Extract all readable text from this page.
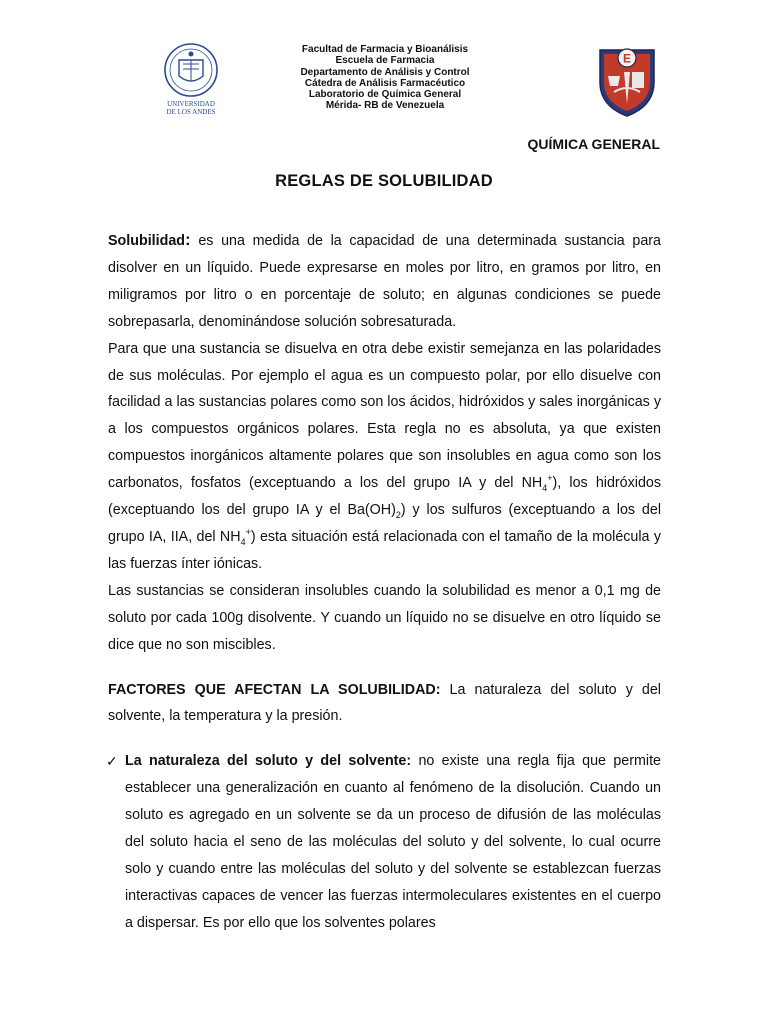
UNIVERSIDAD
DE LOS ANDES
Facultad de Farmacia y Bioanálisis
Escuela de Farmacia
Departamento de Análisis y Control
Cátedra de Análisis Farmacéutico
Laboratorio de Química General
Mérida- RB de Venezuela
E
QUÍMICA GENERAL
REGLAS DE SOLUBILIDAD

Solubilidad: es una medida de la capacidad de una determinada sustancia para disolver en un líquido. Puede expresarse en moles por litro, en gramos por litro, en miligramos por litro o en porcentaje de soluto; en algunas condiciones se puede sobrepasarla, denominándose solución sobresaturada.

Para que una sustancia se disuelva en otra debe existir semejanza en las polaridades de sus moléculas. Por ejemplo el agua es un compuesto polar, por ello disuelve con facilidad a las sustancias polares como son los ácidos, hidróxidos y sales inorgánicas y a los compuestos orgánicos polares. Esta regla no es absoluta, ya que existen compuestos inorgánicos altamente polares que son insolubles en agua como son los carbonatos, fosfatos (exceptuando a los del grupo IA y del $NH_4^+$), los hidróxidos (exceptuando los del grupo IA y el $Ba(OH)_2$) y los sulfuros (exceptuando a los del grupo IA, IIA, del $NH_4^+$) esta situación está relacionada con el tamaño de la molécula y las fuerzas ínter iónicas.

Las sustancias se consideran insolubles cuando la solubilidad es menor a 0,1 mg de soluto por cada 100g disolvente. Y cuando un líquido no se disuelve en otro líquido se dice que no son miscibles.

FACTORES QUE AFECTAN LA SOLUBILIDAD: La naturaleza del soluto y del solvente, la temperatura y la presión.

✓ La naturaleza del soluto y del solvente: no existe una regla fija que permite establecer una generalización en cuanto al fenómeno de la disolución. Cuando un soluto es agregado en un solvente se da un proceso de difusión de las moléculas del soluto hacia el seno de las moléculas del soluto y del solvente, lo cual ocurre solo y cuando entre las moléculas del soluto y del solvente se establezcan fuerzas interactivas capaces de vencer las fuerzas intermoleculares existentes en el cuerpo a dispersar. Es por ello que los solventes polares
